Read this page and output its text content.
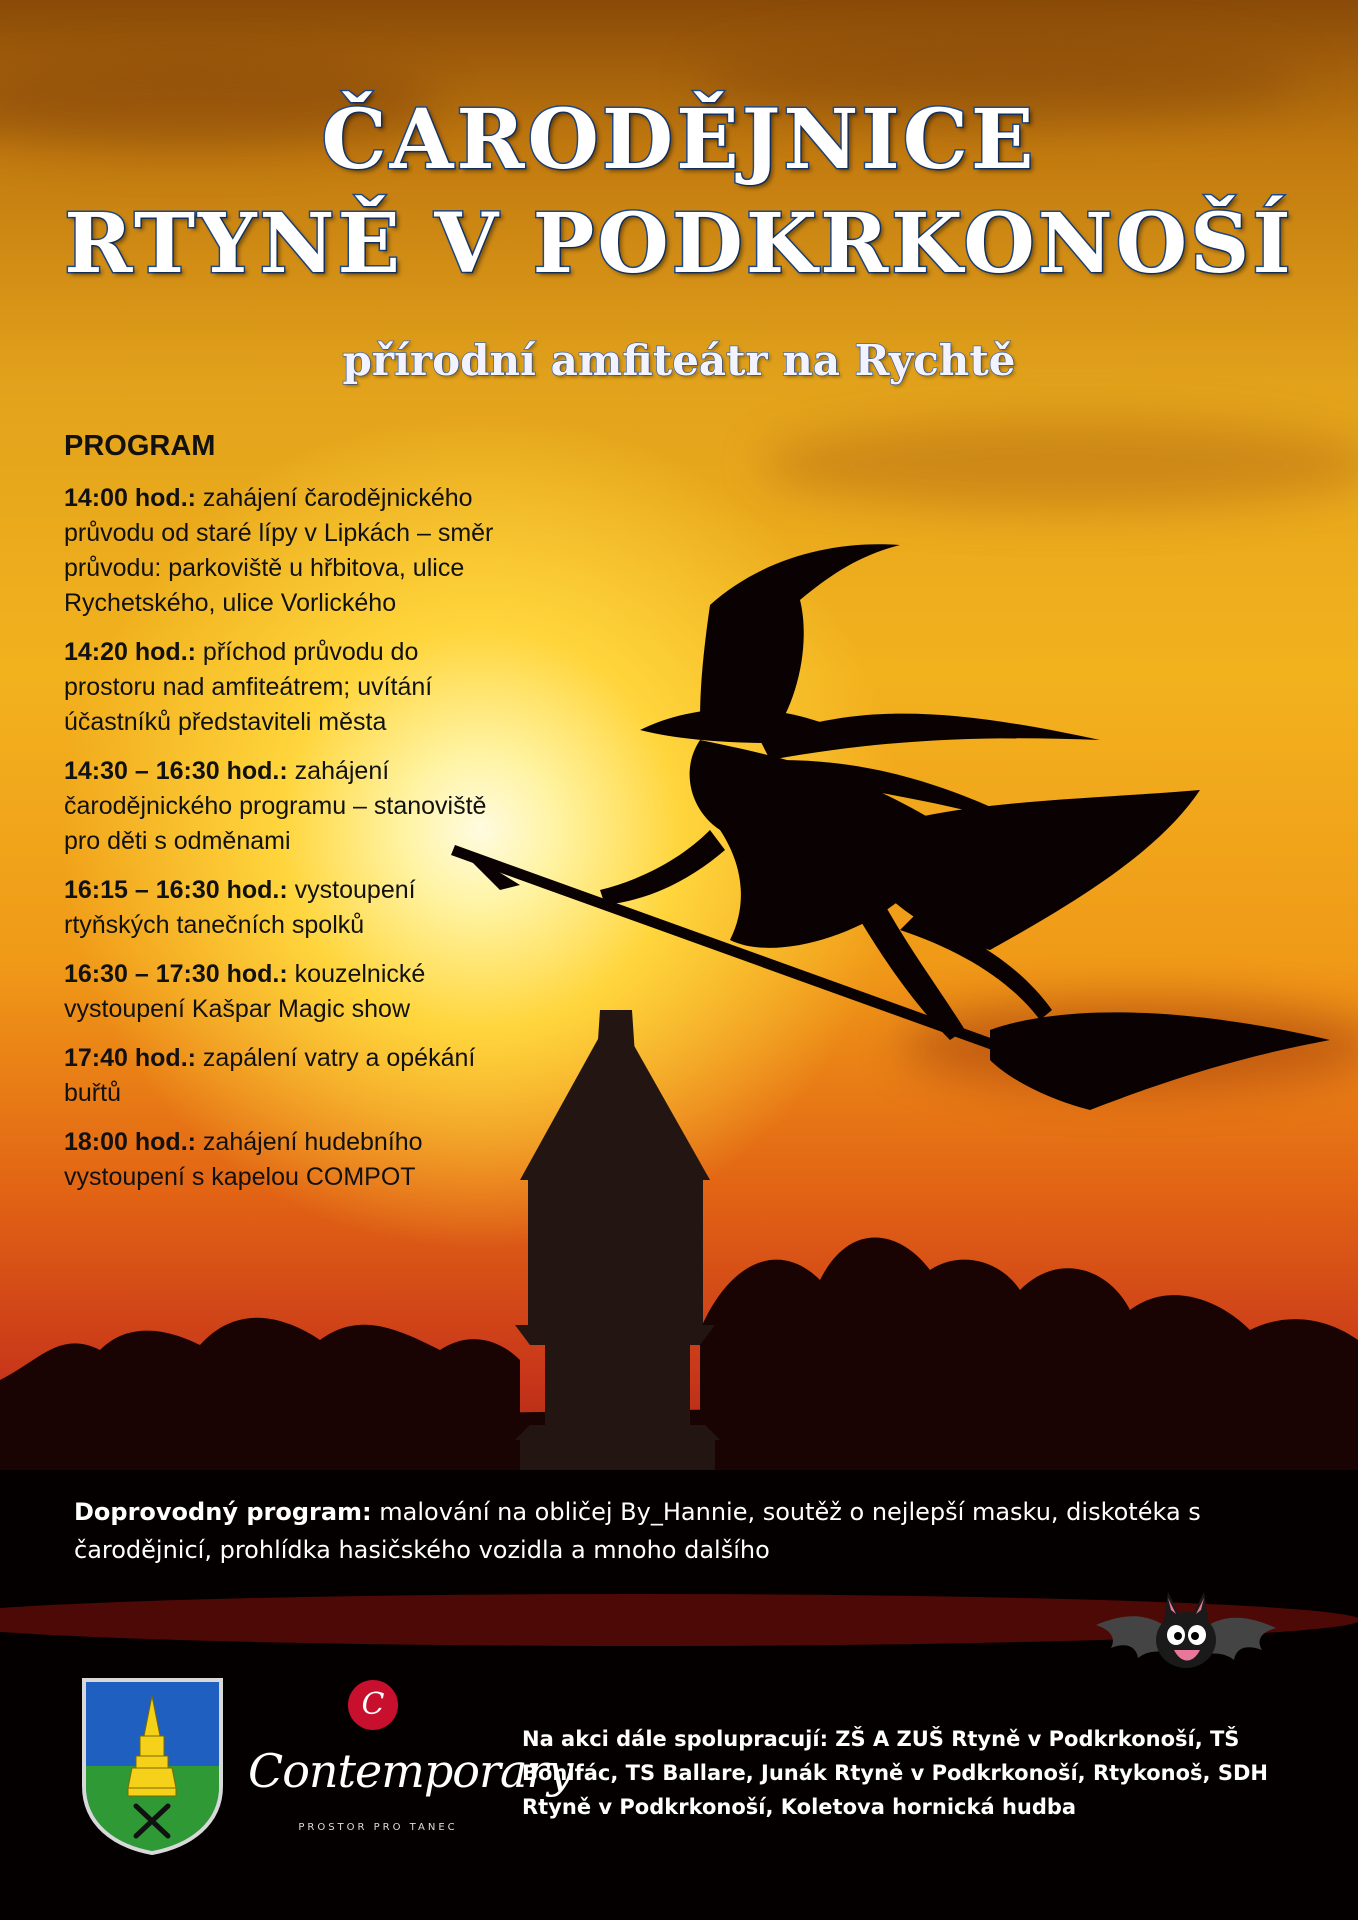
ČARODĚJNICE
RTYNĚ V PODKRKONOŠÍ
přírodní amfiteátr na Rychtě
PROGRAM
14:00 hod.: zahájení čarodějnického průvodu od staré lípy v Lipkách – směr průvodu: parkoviště u hřbitova, ulice Rychetského, ulice Vorlického
14:20 hod.: příchod průvodu do prostoru nad amfiteátrem; uvítání účastníků představiteli města
14:30 – 16:30 hod.: zahájení čarodějnického programu – stanoviště pro děti s odměnami
16:15 – 16:30 hod.: vystoupení rtyňských tanečních spolků
16:30 – 17:30 hod.: kouzelnické vystoupení Kašpar Magic show
17:40 hod.: zapálení vatry a opékání buřtů
18:00 hod.: zahájení hudebního vystoupení s kapelou COMPOT
Doprovodný program: malování na obličej By_Hannie, soutěž o nejlepší masku, diskotéka s čarodějnicí, prohlídka hasičského vozidla a mnoho dalšího
C
Contemporary
PROSTOR PRO TANEC
Na akci dále spolupracují: ZŠ A ZUŠ Rtyně v Podkrkonoší, TŠ Bonifác, TS Ballare, Junák Rtyně v Podkrkonoší, Rtykonoš, SDH Rtyně v Podkrkonoší, Koletova hornická hudba
